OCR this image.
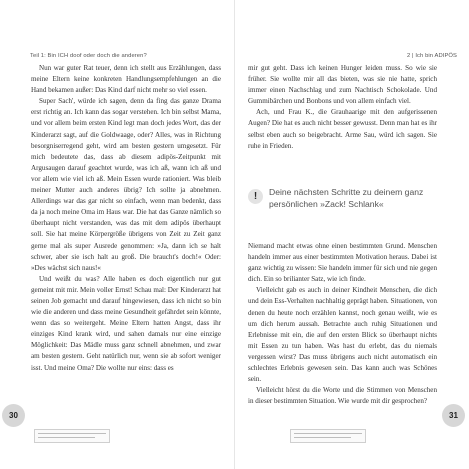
Teil 1: Bin ICH doof oder doch die anderen?

Nun war guter Rat teuer, denn ich stellt aus Erzählungen, dass meine Eltern keine konkreten Handlungsempfehlungen an die Hand bekamen außer: Das Kind darf nicht mehr so viel essen.

Super Sach', würde ich sagen, denn da fing das ganze Drama erst richtig an. Ich kann das sogar verstehen. Ich bin selbst Mama, und vor allem beim ersten Kind legt man doch jedes Wort, das der Kinderarzt sagt, auf die Goldwaage, oder? Alles, was in Richtung besorgniserregend geht, wird am besten gestern umgesetzt. Für mich bedeutete das, dass ab diesem adipös-Zeitpunkt mit Argusaugen darauf geachtet wurde, was ich aß, wann ich aß und vor allem wie viel ich aß. Mein Essen wurde rationiert. Was bleib meiner Mutter auch anderes übrig? Ich sollte ja abnehmen. Allerdings war das gar nicht so einfach, wenn man bedenkt, dass da ja noch meine Oma im Haus war. Die hat das Ganze nämlich so überhaupt nicht verstanden, was das mit dem adipös überhaupt soll. Sie hat meine Körpergröße übrigens von Zeit zu Zeit ganz gerne mal als super Ausrede genommen: »Ja, dann ich se halt schwer, aber sie isch halt au groß. Die braucht's doch!« Oder: »Des wächst sich naus!«

Und weißt du was? Alle haben es doch eigentlich nur gut gemeint mit mir. Mein voller Ernst! Schau mal: Der Kinderarzt hat seinen Job gemacht und darauf hingewiesen, dass ich nicht so bin wie die anderen und dass meine Gesundheit gefährdet sein könnte, wenn das so weitergeht. Meine Eltern hatten Angst, dass ihr einziges Kind krank wird, und sahen damals nur eine einzige Möglichkeit: Das Mädle muss ganz schnell abnehmen, und zwar am besten gestern. Geht natürlich nur, wenn sie ab sofort weniger isst. Und meine Oma? Die wollte nur eins: dass es

30
2 | Ich bin ADIPÖS

mir gut geht. Dass ich keinen Hunger leiden muss. So wie sie früher. Sie wollte mir all das bieten, was sie nie hatte, sprich immer einen Nachschlag und zum Nachtisch Schokolade. Und Gummibärchen und Bonbons und von allem einfach viel.

Ach, und Frau K., die Grauhaarige mit den aufgerissenen Augen? Die hat es auch nicht besser gewusst. Denn man hat es ihr selbst eben auch so beigebracht. Arme Sau, würd ich sagen. Sie ruhe in Frieden.

!	Deine nächsten Schritte zu deinem ganz persönlichen »Zack! Schlank«

Niemand macht etwas ohne einen bestimmten Grund. Menschen handeln immer aus einer bestimmten Motivation heraus. Dabei ist ganz wichtig zu wissen: Sie handeln immer für sich und nie gegen dich. Ein so brilianter Satz, wie ich finde.

Vielleicht gab es auch in deiner Kindheit Menschen, die dich und dein Ess-Verhalten nachhaltig geprägt haben. Situationen, von denen du heute noch erzählen kannst, noch genau weißt, wie es um dich herum aussah. Betrachte auch ruhig Situationen und Erlebnisse mit ein, die auf den ersten Blick so überhaupt nichts mit Essen zu tun haben. Was hast du erlebt, das du niemals vergessen wirst? Das muss übrigens auch nicht automatisch ein schlechtes Erlebnis gewesen sein. Das kann auch was Schönes sein.

Vielleicht hörst du die Worte und die Stimmen von Menschen in dieser bestimmten Situation. Wie wurde mit dir gesprochen?

31
